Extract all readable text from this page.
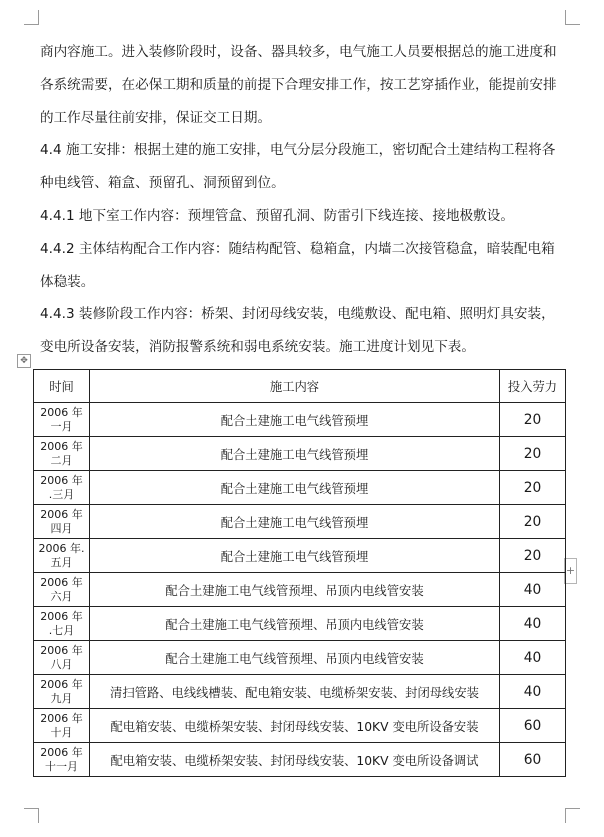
商内容施工。进入装修阶段时，设备、器具较多，电气施工人员要根据总的施工进度和各系统需要，在必保工期和质量的前提下合理安排工作，按工艺穿插作业，能提前安排的工作尽量往前安排，保证交工日期。

4.4 施工安排：根据土建的施工安排，电气分层分段施工，密切配合土建结构工程将各种电线管、箱盒、预留孔、洞预留到位。

4.4.1 地下室工作内容：预埋管盒、预留孔洞、防雷引下线连接、接地极敷设。

4.4.2 主体结构配合工作内容：随结构配管、稳箱盒，内墙二次接管稳盒，暗装配电箱体稳装。

4.4.3 装修阶段工作内容：桥架、封闭母线安装，电缆敷设、配电箱、照明灯具安装，变电所设备安装，消防报警系统和弱电系统安装。施工进度计划见下表。

✥
+
时间	施工内容	投入劳力

2006 年
一月	配合土建施工电气线管预埋	20

2006 年
二月	配合土建施工电气线管预埋	20

2006 年
.三月	配合土建施工电气线管预埋	20

2006 年
四月	配合土建施工电气线管预埋	20

2006 年.
五月	配合土建施工电气线管预埋	20

2006 年
六月	配合土建施工电气线管预埋、吊顶内电线管安装	40

2006 年
.七月	配合土建施工电气线管预埋、吊顶内电线管安装	40

2006 年
八月	配合土建施工电气线管预埋、吊顶内电线管安装	40

2006 年
九月	清扫管路、电线线槽装、配电箱安装、电缆桥架安装、封闭母线安装	40

2006 年
十月	配电箱安装、电缆桥架安装、封闭母线安装、10KV 变电所设备安装	60

2006 年
十一月	配电箱安装、电缆桥架安装、封闭母线安装、10KV 变电所设备调试	60
